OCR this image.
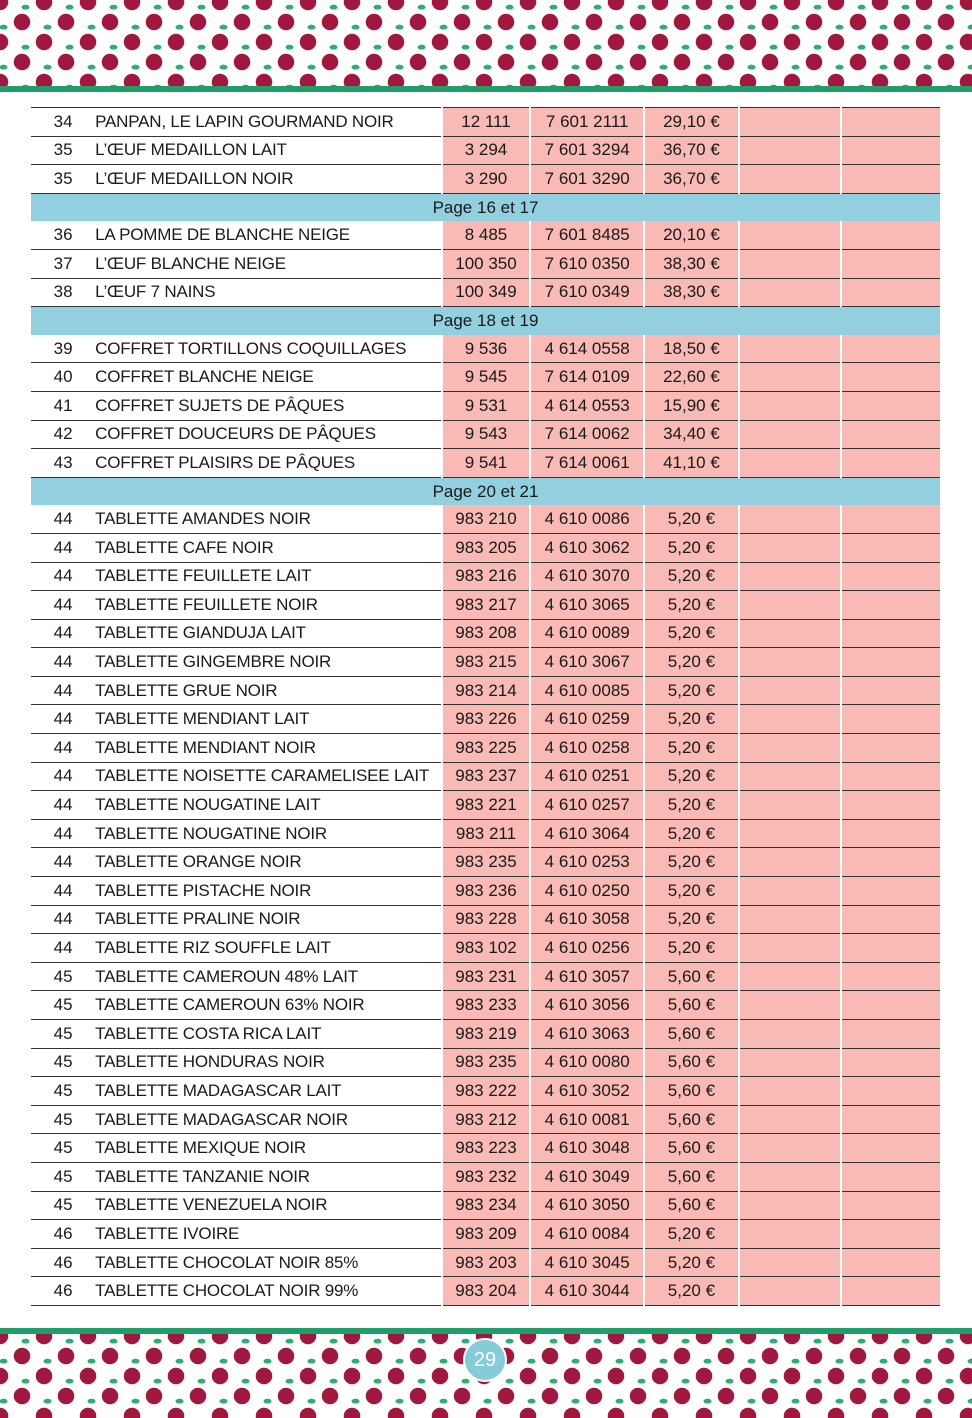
34	PANPAN, LE LAPIN GOURMAND NOIR	12 111	7 601 2111	29,10 €		
35	L’ŒUF MEDAILLON LAIT	3 294	7 601 3294	36,70 €		
35	L’ŒUF MEDAILLON NOIR	3 290	7 601 3290	36,70 €		
Page 16 et 17						
36	LA POMME DE BLANCHE NEIGE	8 485	7 601 8485	20,10 €		
37	L’ŒUF BLANCHE NEIGE	100 350	7 610 0350	38,30 €		
38	L’ŒUF 7 NAINS	100 349	7 610 0349	38,30 €		
Page 18 et 19						
39	COFFRET TORTILLONS COQUILLAGES	9 536	4 614 0558	18,50 €		
40	COFFRET BLANCHE NEIGE	9 545	7 614 0109	22,60 €		
41	COFFRET SUJETS DE PÂQUES	9 531	4 614 0553	15,90 €		
42	COFFRET DOUCEURS DE PÂQUES	9 543	7 614 0062	34,40 €		
43	COFFRET PLAISIRS DE PÂQUES	9 541	7 614 0061	41,10 €		
Page 20 et 21						
44	TABLETTE AMANDES NOIR	983 210	4 610 0086	5,20 €		
44	TABLETTE CAFE NOIR	983 205	4 610 3062	5,20 €		
44	TABLETTE FEUILLETE LAIT	983 216	4 610 3070	5,20 €		
44	TABLETTE FEUILLETE NOIR	983 217	4 610 3065	5,20 €		
44	TABLETTE GIANDUJA LAIT	983 208	4 610 0089	5,20 €		
44	TABLETTE GINGEMBRE NOIR	983 215	4 610 3067	5,20 €		
44	TABLETTE GRUE NOIR	983 214	4 610 0085	5,20 €		
44	TABLETTE MENDIANT LAIT	983 226	4 610 0259	5,20 €		
44	TABLETTE MENDIANT NOIR	983 225	4 610 0258	5,20 €		
44	TABLETTE NOISETTE CARAMELISEE LAIT	983 237	4 610 0251	5,20 €		
44	TABLETTE NOUGATINE LAIT	983 221	4 610 0257	5,20 €		
44	TABLETTE NOUGATINE NOIR	983 211	4 610 3064	5,20 €		
44	TABLETTE ORANGE NOIR	983 235	4 610 0253	5,20 €		
44	TABLETTE PISTACHE NOIR	983 236	4 610 0250	5,20 €		
44	TABLETTE PRALINE NOIR	983 228	4 610 3058	5,20 €		
44	TABLETTE RIZ SOUFFLE LAIT	983 102	4 610 0256	5,20 €		
45	TABLETTE CAMEROUN 48% LAIT	983 231	4 610 3057	5,60 €		
45	TABLETTE CAMEROUN 63% NOIR	983 233	4 610 3056	5,60 €		
45	TABLETTE COSTA RICA LAIT	983 219	4 610 3063	5,60 €		
45	TABLETTE HONDURAS NOIR	983 235	4 610 0080	5,60 €		
45	TABLETTE MADAGASCAR LAIT	983 222	4 610 3052	5,60 €		
45	TABLETTE MADAGASCAR NOIR	983 212	4 610 0081	5,60 €		
45	TABLETTE MEXIQUE NOIR	983 223	4 610 3048	5,60 €		
45	TABLETTE TANZANIE NOIR	983 232	4 610 3049	5,60 €		
45	TABLETTE VENEZUELA NOIR	983 234	4 610 3050	5,60 €		
46	TABLETTE IVOIRE	983 209	4 610 0084	5,20 €		
46	TABLETTE CHOCOLAT NOIR 85%	983 203	4 610 3045	5,20 €		
46	TABLETTE CHOCOLAT NOIR 99%	983 204	4 610 3044	5,20 €		
29
